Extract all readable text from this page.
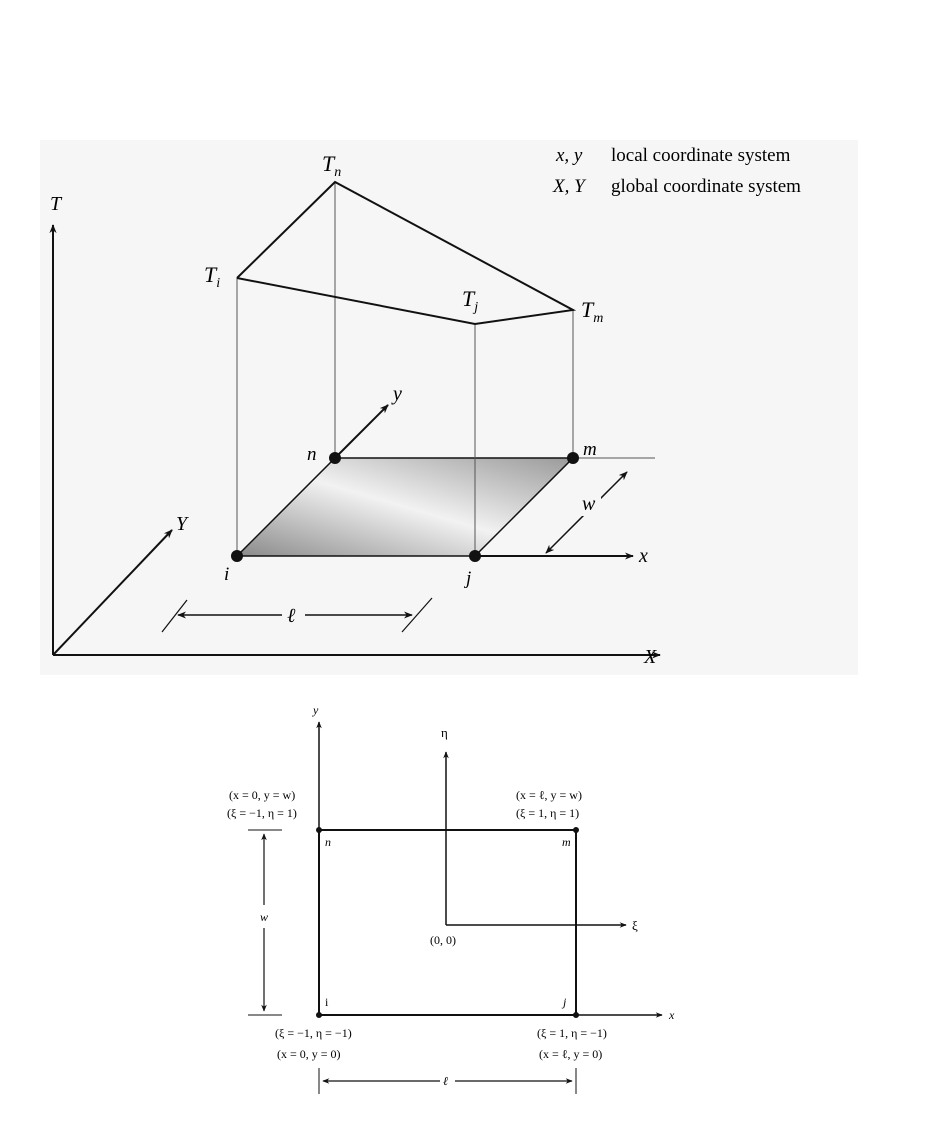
x, y local coordinate system
X, Y global coordinate system
T
X
Y
$T_i$
$T_n$
$T_j$	$T_m$
y
x
i	j
m
n
w
ℓ
y
x
η
ξ
(0, 0)
n	m
i	j
(x = 0, y = w)
(ξ = −1, η = 1)
(x = ℓ, y = w)
(ξ = 1, η = 1)
(ξ = −1, η = −1)
(x = 0, y = 0)
(ξ = 1, η = −1)
(x = ℓ, y = 0)
w
ℓ
